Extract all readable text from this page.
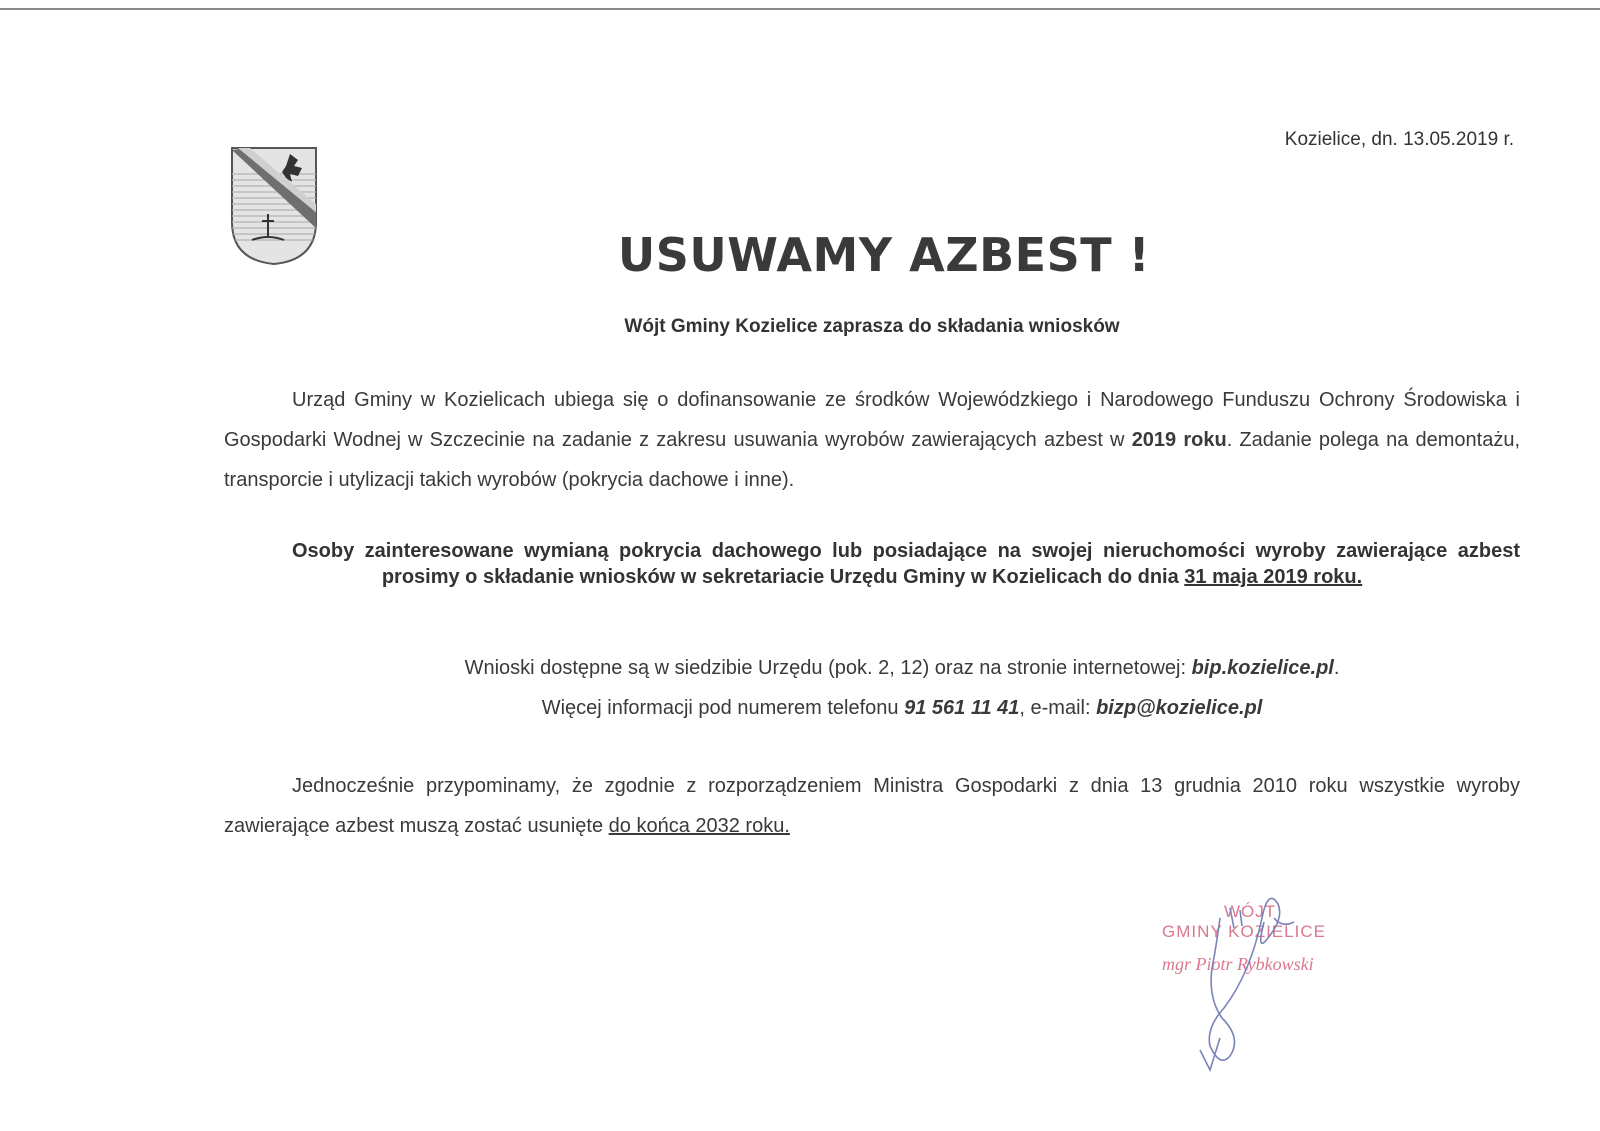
Kozielice, dn. 13.05.2019 r.
USUWAMY AZBEST !

Wójt Gminy Kozielice zaprasza do składania wniosków

Urząd Gminy w Kozielicach ubiega się o dofinansowanie ze środków Wojewódzkiego i Narodowego Funduszu Ochrony Środowiska i Gospodarki Wodnej w Szczecinie na zadanie z zakresu usuwania wyrobów zawierających azbest w 2019 roku. Zadanie polega na demontażu, transporcie i utylizacji takich wyrobów (pokrycia dachowe i inne).

Osoby zainteresowane wymianą pokrycia dachowego lub posiadające na swojej nieruchomości wyroby zawierające azbest prosimy o składanie wniosków w sekretariacie Urzędu Gminy w Kozielicach do dnia 31 maja 2019 roku.

Wnioski dostępne są w siedzibie Urzędu (pok. 2, 12) oraz na stronie internetowej: bip.kozielice.pl.
Więcej informacji pod numerem telefonu 91 561 11 41, e-mail: bizp@kozielice.pl

Jednocześnie przypominamy, że zgodnie z rozporządzeniem Ministra Gospodarki z dnia 13 grudnia 2010 roku wszystkie wyroby zawierające azbest muszą zostać usunięte do końca 2032 roku.

WÓJT
GMINY KOZIELICE
mgr Piotr Rybkowski
